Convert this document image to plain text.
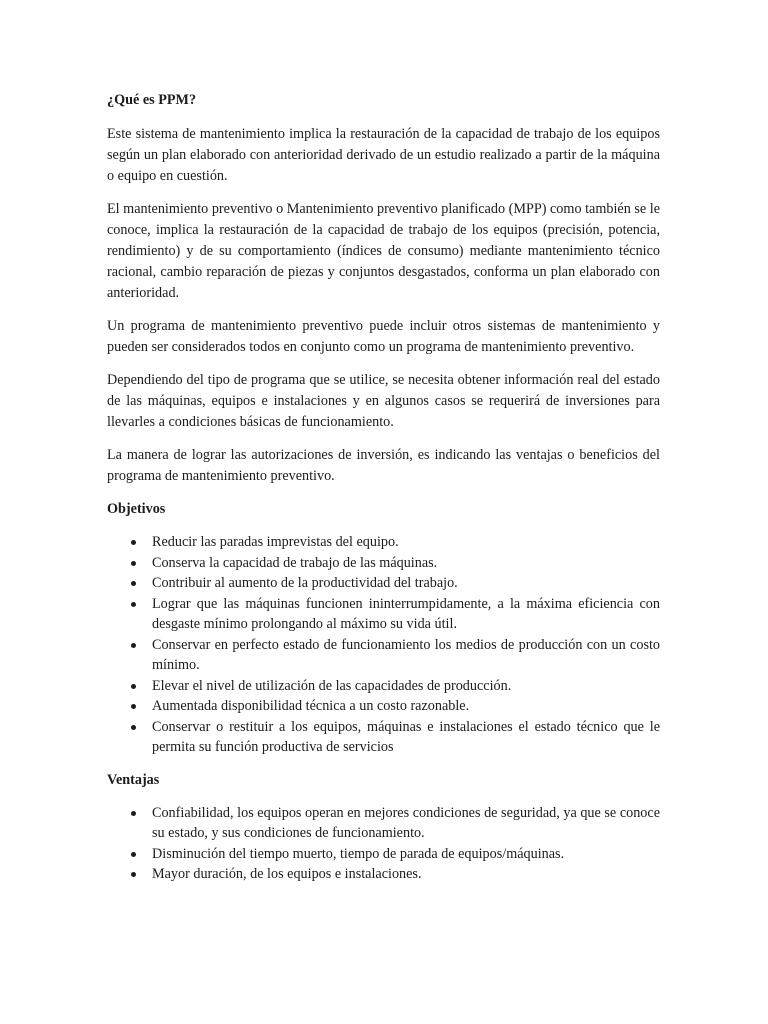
¿Qué es PPM?

Este sistema de mantenimiento implica la restauración de la capacidad de trabajo de los equipos según un plan elaborado con anterioridad derivado de un estudio realizado a partir de la máquina o equipo en cuestión.

El mantenimiento preventivo o Mantenimiento preventivo planificado (MPP) como también se le conoce, implica la restauración de la capacidad de trabajo de los equipos (precisión, potencia, rendimiento) y de su comportamiento (índices de consumo) mediante mantenimiento técnico racional, cambio reparación de piezas y conjuntos desgastados, conforma un plan elaborado con anterioridad.

Un programa de mantenimiento preventivo puede incluir otros sistemas de mantenimiento y pueden ser considerados todos en conjunto como un programa de mantenimiento preventivo.

Dependiendo del tipo de programa que se utilice, se necesita obtener información real del estado de las máquinas, equipos e instalaciones y en algunos casos se requerirá de inversiones para llevarles a condiciones básicas de funcionamiento.

La manera de lograr las autorizaciones de inversión, es indicando las ventajas o beneficios del programa de mantenimiento preventivo.

Objetivos
Reducir las paradas imprevistas del equipo.
Conserva la capacidad de trabajo de las máquinas.
Contribuir al aumento de la productividad del trabajo.
Lograr que las máquinas funcionen ininterrumpidamente, a la máxima eficiencia con desgaste mínimo prolongando al máximo su vida útil.
Conservar en perfecto estado de funcionamiento los medios de producción con un costo mínimo.
Elevar el nivel de utilización de las capacidades de producción.
Aumentada disponibilidad técnica a un costo razonable.
Conservar o restituir a los equipos, máquinas e instalaciones el estado técnico que le permita su función productiva de servicios
Ventajas
Confiabilidad, los equipos operan en mejores condiciones de seguridad, ya que se conoce su estado, y sus condiciones de funcionamiento.
Disminución del tiempo muerto, tiempo de parada de equipos/máquinas.
Mayor duración, de los equipos e instalaciones.
